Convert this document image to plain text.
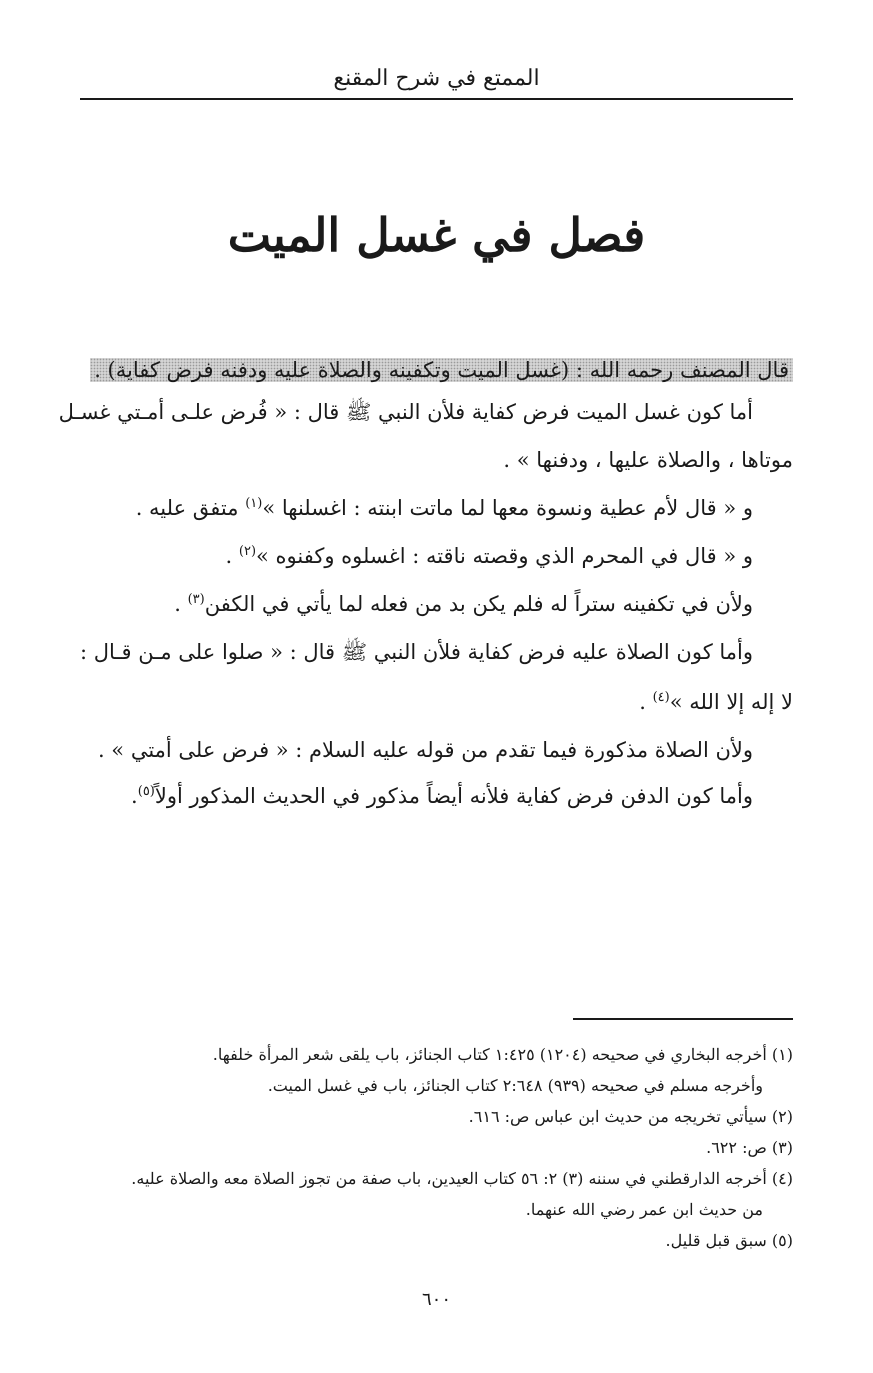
الممتع في شرح المقنع
فصل في غسل الميت
قال المصنف رحمه الله : (غسل الميت وتكفينه والصلاة عليه ودفنه فرض كفاية) .
أما كون غسل الميت فرض كفاية فلأن النبي ﷺ قال : « فُرض علـى أمـتي غسـل
موتاها ، والصلاة عليها ، ودفنها » .
و « قال لأم عطية ونسوة معها لما ماتت ابنته : اغسلنها »$^{(١)}$ متفق عليه .
و « قال في المحرم الذي وقصته ناقته : اغسلوه وكفنوه »$^{(٢)}$ .
ولأن في تكفينه ستراً له فلم يكن بد من فعله لما يأتي في الكفن$^{(٣)}$ .
وأما كون الصلاة عليه فرض كفاية فلأن النبي ﷺ قال : « صلوا على مـن قـال :
لا إله إلا الله »$^{(٤)}$ .
ولأن الصلاة مذكورة فيما تقدم من قوله عليه السلام : « فرض على أمتي » .
وأما كون الدفن فرض كفاية فلأنه أيضاً مذكور في الحديث المذكور أولاً$^{(٥)}$.
(١) أخرجه البخاري في صحيحه (١٢٠٤) ١:٤٢٥ كتاب الجنائز، باب يلقى شعر المرأة خلفها.
وأخرجه مسلم في صحيحه (٩٣٩) ٢:٦٤٨ كتاب الجنائز، باب في غسل الميت.
(٢) سيأتي تخريجه من حديث ابن عباس ص: ٦١٦.
(٣) ص: ٦٢٢.
(٤) أخرجه الدارقطني في سننه (٣) ٢: ٥٦ كتاب العيدين، باب صفة من تجوز الصلاة معه والصلاة عليه.
من حديث ابن عمر رضي الله عنهما.
(٥) سبق قبل قليل.
٦٠٠
